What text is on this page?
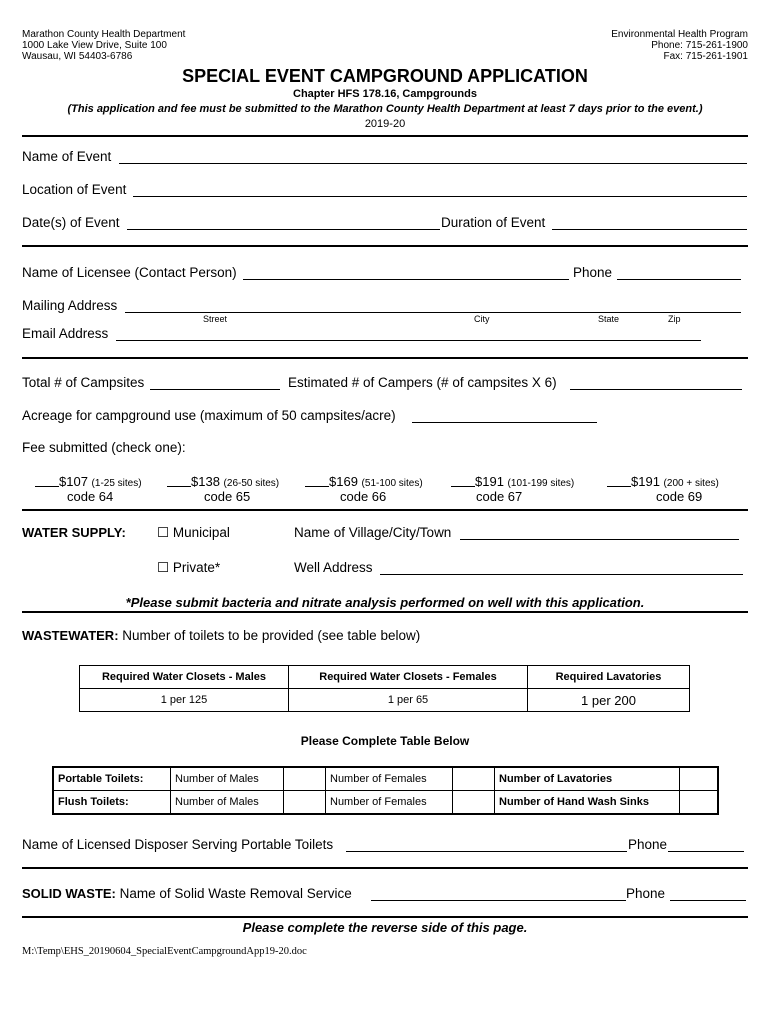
Marathon County Health Department
1000 Lake View Drive, Suite 100
Wausau, WI 54403-6786
Environmental Health Program
Phone: 715-261-1900
Fax: 715-261-1901
SPECIAL EVENT CAMPGROUND APPLICATION
Chapter HFS 178.16, Campgrounds
(This application and fee must be submitted to the Marathon County Health Department at least 7 days prior to the event.)
2019-20
Name of Event
Location of Event
Date(s) of Event	Duration of Event
Name of Licensee (Contact Person)	Phone
Mailing Address
Street	City	State	Zip
Email Address
Total # of Campsites	Estimated # of Campers (# of campsites X 6)
Acreage for campground use (maximum of 50 campsites/acre)
Fee submitted (check one):
$107 (1-25 sites)
code 64
$138 (26-50 sites)
code 65
$169 (51-100 sites)
code 66
$191 (101-199 sites)
code 67
$191 (200 + sites)
code 69
WATER SUPPLY: ☐ Municipal	Name of Village/City/Town
☐ Private*	Well Address
*Please submit bacteria and nitrate analysis performed on well with this application.
WASTEWATER: Number of toilets to be provided (see table below)
Required Water Closets - Males	Required Water Closets - Females	Required Lavatories
1 per 125	1 per 65	1 per 200
Please Complete Table Below
Portable Toilets:	Number of Males		Number of Females		Number of Lavatories	
Flush Toilets:	Number of Males		Number of Females		Number of Hand Wash Sinks	
Name of Licensed Disposer Serving Portable Toilets	Phone
SOLID WASTE: Name of Solid Waste Removal Service	Phone
Please complete the reverse side of this page.
M:\Temp\EHS_20190604_SpecialEventCampgroundApp19-20.doc
